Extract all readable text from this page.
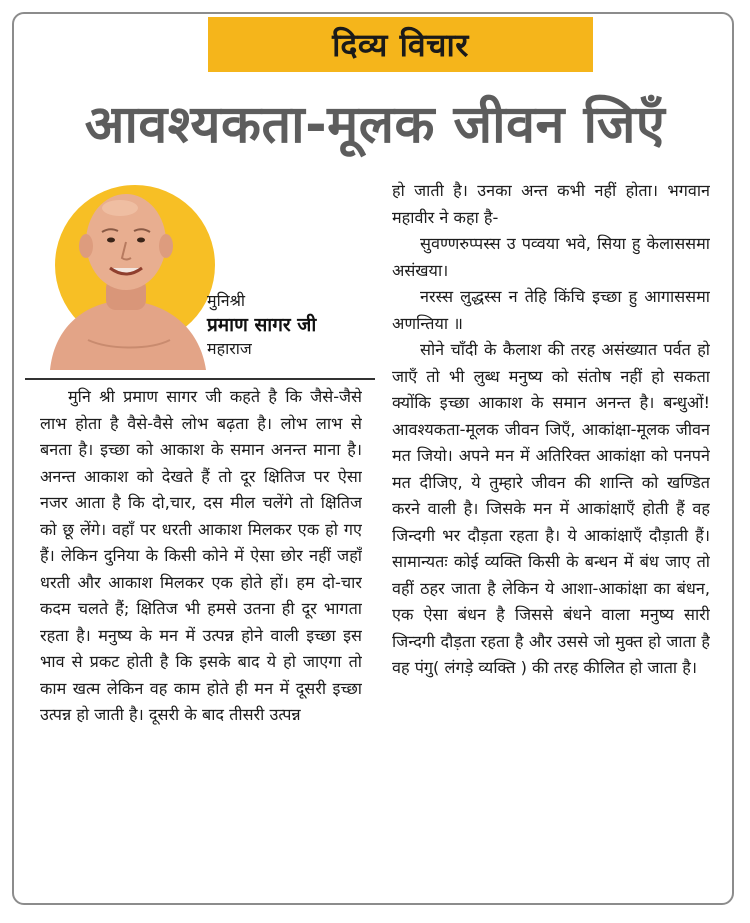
दिव्य विचार
आवश्यकता-मूलक जीवन जिएँ
मुनिश्री
प्रमाण सागर जी
महाराज

मुनि श्री प्रमाण सागर जी कहते है कि जैसे-जैसे लाभ होता है वैसे-वैसे लोभ बढ़ता है। लोभ लाभ से बनता है। इच्छा को आकाश के समान अनन्त माना है। अनन्त आकाश को देखते हैं तो दूर क्षितिज पर ऐसा नजर आता है कि दो,चार, दस मील चलेंगे तो क्षितिज को छू लेंगे। वहाँ पर धरती आकाश मिलकर एक हो गए हैं। लेकिन दुनिया के किसी कोने में ऐसा छोर नहीं जहाँ धरती और आकाश मिलकर एक होते हों। हम दो-चार कदम चलते हैं; क्षितिज भी हमसे उतना ही दूर भागता रहता है। मनुष्य के मन में उत्पन्न होने वाली इच्छा इस भाव से प्रकट होती है कि इसके बाद ये हो जाएगा तो काम खत्म लेकिन वह काम होते ही मन में दूसरी इच्छा उत्पन्न हो जाती है। दूसरी के बाद तीसरी उत्पन्न

हो जाती है। उनका अन्त कभी नहीं होता। भगवान महावीर ने कहा है-

सुवण्णरुप्पस्स उ पव्वया भवे, सिया हु केलाससमा असंखया।

नरस्स लुद्धस्स न तेहि किंचि इच्छा हु आगाससमा अणन्तिया ॥

सोने चाँदी के कैलाश की तरह असंख्यात पर्वत हो जाएँ तो भी लुब्ध मनुष्य को संतोष नहीं हो सकता क्योंकि इच्छा आकाश के समान अनन्त है। बन्धुओं! आवश्यकता-मूलक जीवन जिएँ, आकांक्षा-मूलक जीवन मत जियो। अपने मन में अतिरिक्त आकांक्षा को पनपने मत दीजिए, ये तुम्हारे जीवन की शान्ति को खण्डित करने वाली है। जिसके मन में आकांक्षाएँ होती हैं वह जिन्दगी भर दौड़ता रहता है। ये आकांक्षाएँ दौड़ाती हैं। सामान्यतः कोई व्यक्ति किसी के बन्धन में बंध जाए तो वहीं ठहर जाता है लेकिन ये आशा-आकांक्षा का बंधन, एक ऐसा बंधन है जिससे बंधने वाला मनुष्य सारी जिन्दगी दौड़ता रहता है और उससे जो मुक्त हो जाता है वह पंगु( लंगड़े व्यक्ति ) की तरह कीलित हो जाता है।
